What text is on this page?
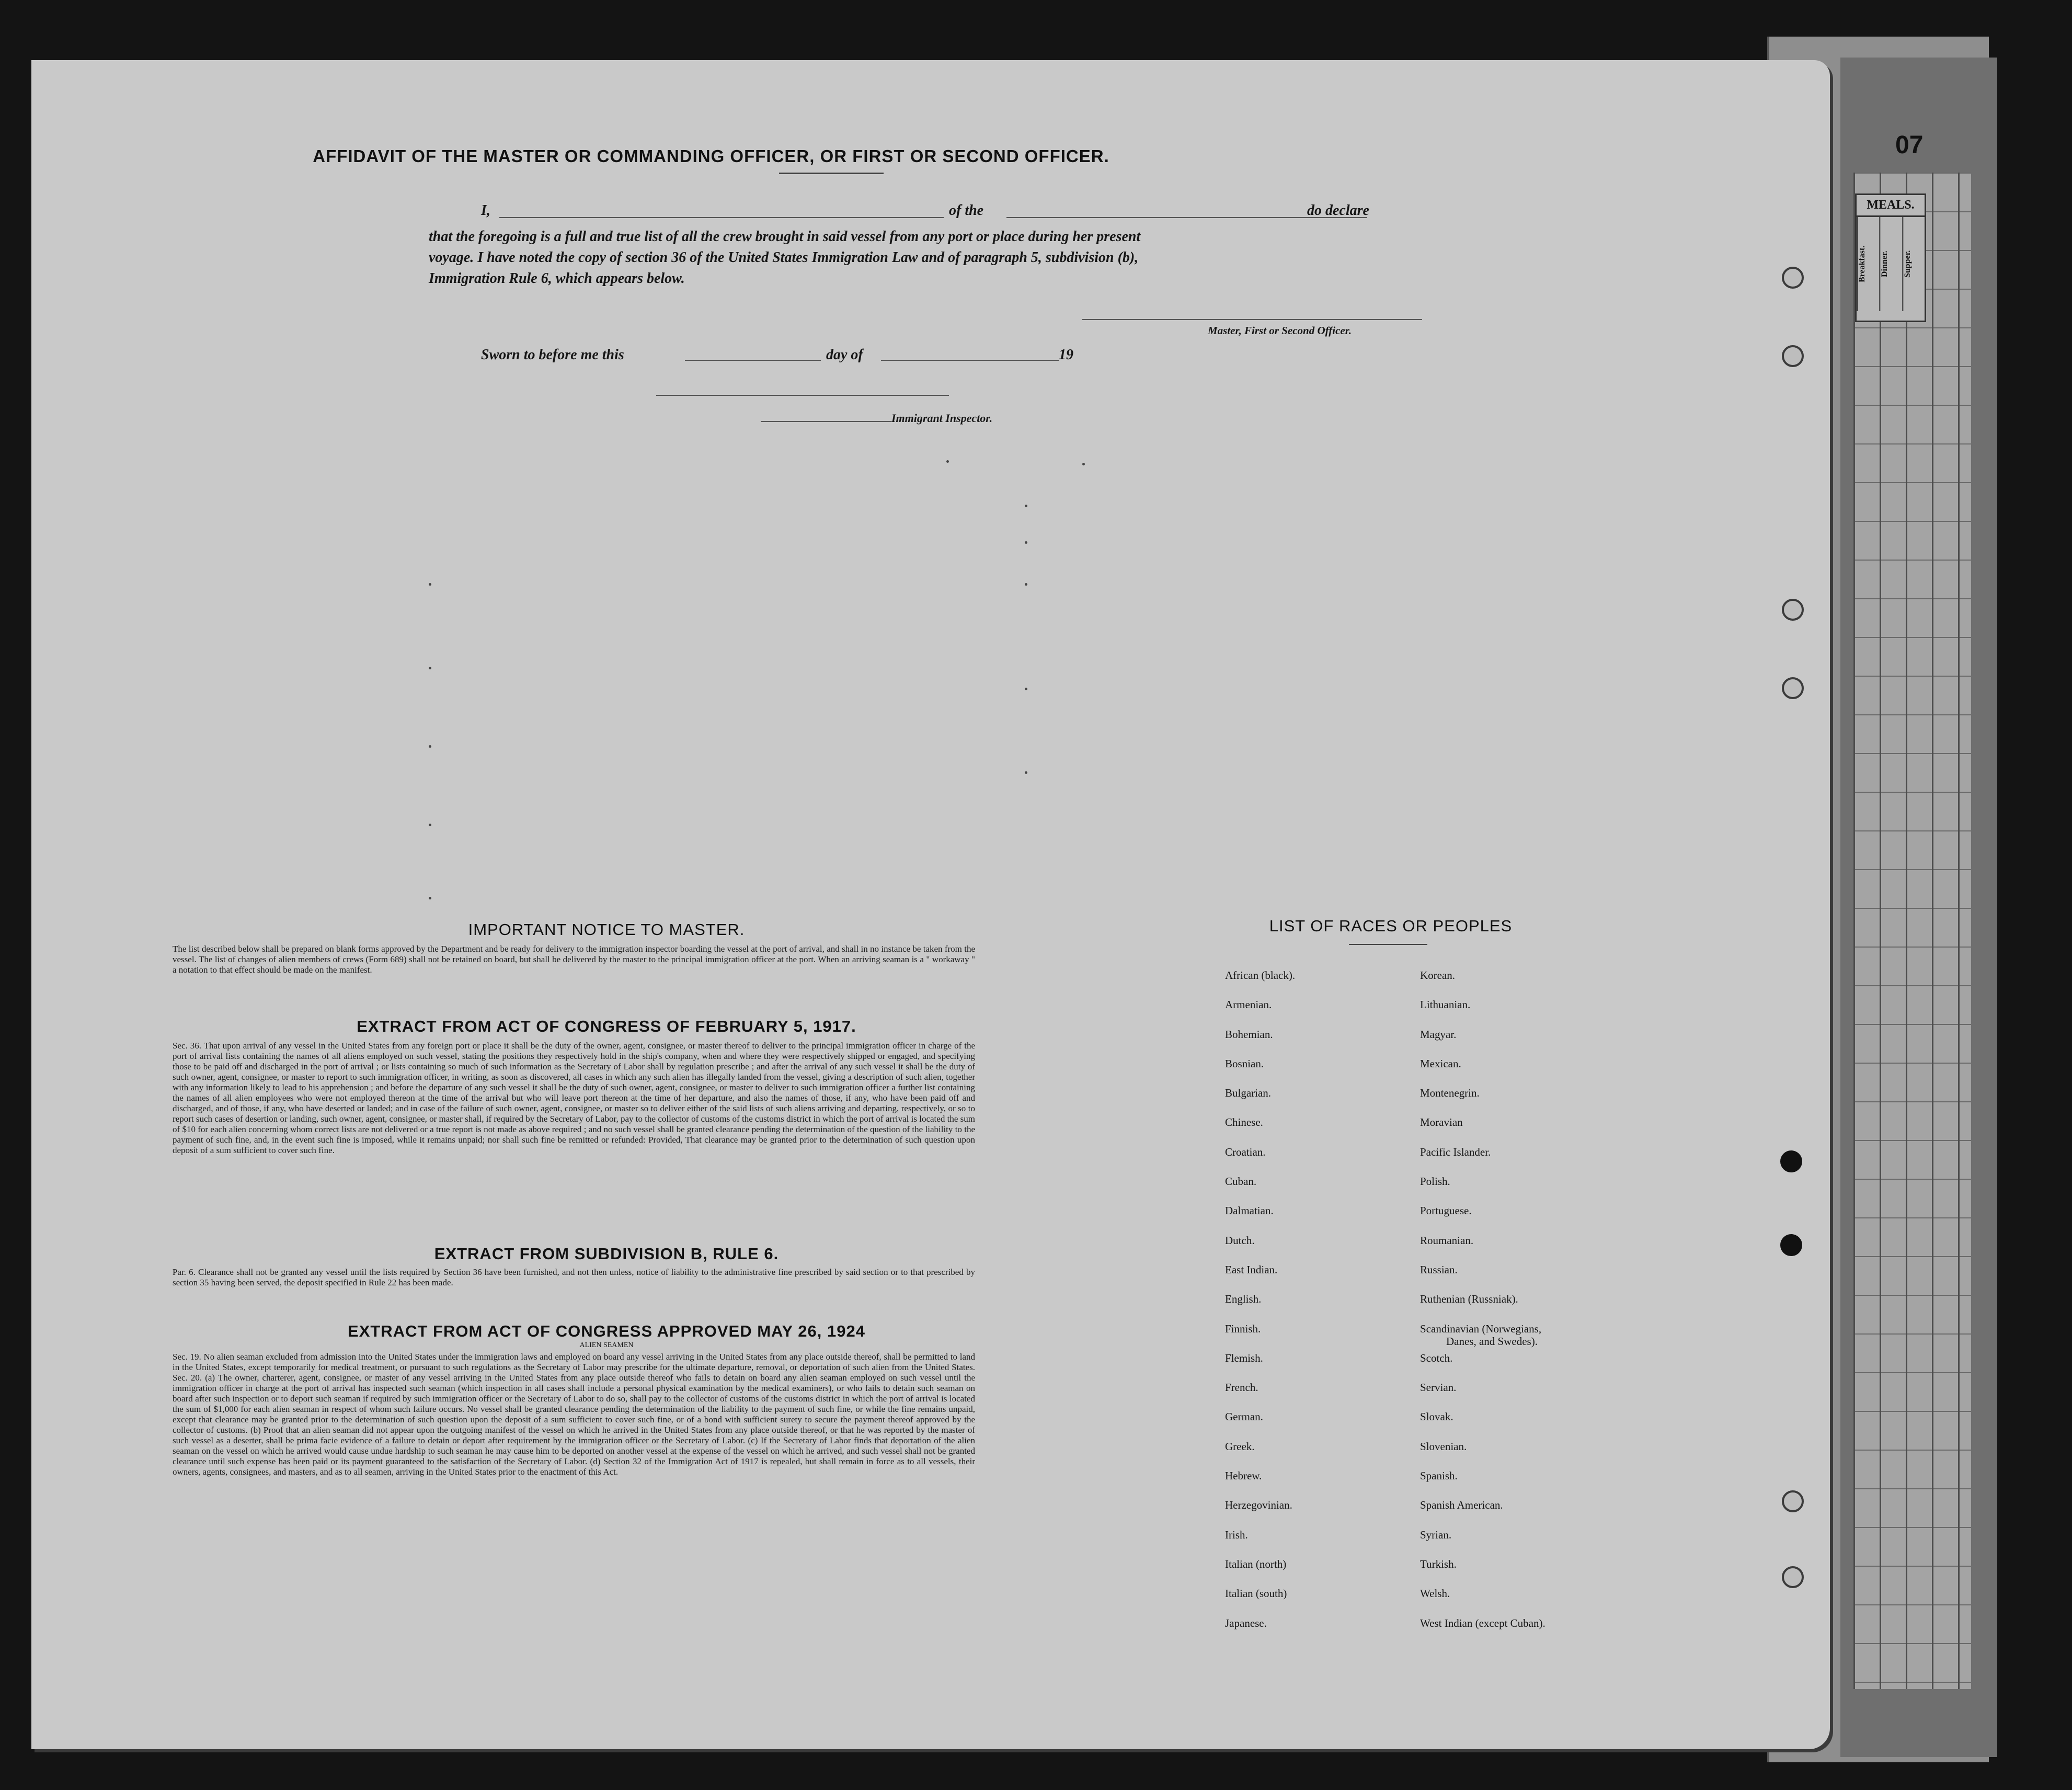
07
MEALS.
Breakfast.	Dinner.	Supper.
AFFIDAVIT OF THE MASTER OR COMMANDING OFFICER, OR FIRST OR SECOND OFFICER.
I,	of the	do declare
that the foregoing is a full and true list of all the crew brought in said vessel from any port or place during her present
voyage. I have noted the copy of section 36 of the United States Immigration Law and of paragraph 5, subdivision (b),
Immigration Rule 6, which appears below.
Master, First or Second Officer.
Sworn to before me this	day of	19
Immigrant Inspector.
IMPORTANT NOTICE TO MASTER.
The list described below shall be prepared on blank forms approved by the Department and be ready for delivery to the immigration inspector boarding the vessel at the port of arrival, and shall in no instance be taken from the vessel. The list of changes of alien members of crews (Form 689) shall not be retained on board, but shall be delivered by the master to the principal immigration officer at the port. When an arriving seaman is a " workaway " a notation to that effect should be made on the manifest.
EXTRACT FROM ACT OF CONGRESS OF FEBRUARY 5, 1917.
Sec. 36. That upon arrival of any vessel in the United States from any foreign port or place it shall be the duty of the owner, agent, consignee, or master thereof to deliver to the principal immigration officer in charge of the port of arrival lists containing the names of all aliens employed on such vessel, stating the positions they respectively hold in the ship's company, when and where they were respectively shipped or engaged, and specifying those to be paid off and discharged in the port of arrival ; or lists containing so much of such information as the Secretary of Labor shall by regulation prescribe ; and after the arrival of any such vessel it shall be the duty of such owner, agent, consignee, or master to report to such immigration officer, in writing, as soon as discovered, all cases in which any such alien has illegally landed from the vessel, giving a description of such alien, together with any information likely to lead to his apprehension ; and before the departure of any such vessel it shall be the duty of such owner, agent, consignee, or master to deliver to such immigration officer a further list containing the names of all alien employees who were not employed thereon at the time of the arrival but who will leave port thereon at the time of her departure, and also the names of those, if any, who have been paid off and discharged, and of those, if any, who have deserted or landed; and in case of the failure of such owner, agent, consignee, or master so to deliver either of the said lists of such aliens arriving and departing, respectively, or so to report such cases of desertion or landing, such owner, agent, consignee, or master shall, if required by the Secretary of Labor, pay to the collector of customs of the customs district in which the port of arrival is located the sum of $10 for each alien concerning whom correct lists are not delivered or a true report is not made as above required ; and no such vessel shall be granted clearance pending the determination of the question of the liability to the payment of such fine, and, in the event such fine is imposed, while it remains unpaid; nor shall such fine be remitted or refunded: Provided, That clearance may be granted prior to the determination of such question upon deposit of a sum sufficient to cover such fine.
EXTRACT FROM SUBDIVISION B, RULE 6.
Par. 6. Clearance shall not be granted any vessel until the lists required by Section 36 have been furnished, and not then unless, notice of liability to the administrative fine prescribed by said section or to that prescribed by section 35 having been served, the deposit specified in Rule 22 has been made.
EXTRACT FROM ACT OF CONGRESS APPROVED MAY 26, 1924
ALIEN SEAMEN
Sec. 19. No alien seaman excluded from admission into the United States under the immigration laws and employed on board any vessel arriving in the United States from any place outside thereof, shall be permitted to land in the United States, except temporarily for medical treatment, or pursuant to such regulations as the Secretary of Labor may prescribe for the ultimate departure, removal, or deportation of such alien from the United States. Sec. 20. (a) The owner, charterer, agent, consignee, or master of any vessel arriving in the United States from any place outside thereof who fails to detain on board any alien seaman employed on such vessel until the immigration officer in charge at the port of arrival has inspected such seaman (which inspection in all cases shall include a personal physical examination by the medical examiners), or who fails to detain such seaman on board after such inspection or to deport such seaman if required by such immigration officer or the Secretary of Labor to do so, shall pay to the collector of customs of the customs district in which the port of arrival is located the sum of $1,000 for each alien seaman in respect of whom such failure occurs. No vessel shall be granted clearance pending the determination of the liability to the payment of such fine, or while the fine remains unpaid, except that clearance may be granted prior to the determination of such question upon the deposit of a sum sufficient to cover such fine, or of a bond with sufficient surety to secure the payment thereof approved by the collector of customs. (b) Proof that an alien seaman did not appear upon the outgoing manifest of the vessel on which he arrived in the United States from any place outside thereof, or that he was reported by the master of such vessel as a deserter, shall be prima facie evidence of a failure to detain or deport after requirement by the immigration officer or the Secretary of Labor. (c) If the Secretary of Labor finds that deportation of the alien seaman on the vessel on which he arrived would cause undue hardship to such seaman he may cause him to be deported on another vessel at the expense of the vessel on which he arrived, and such vessel shall not be granted clearance until such expense has been paid or its payment guaranteed to the satisfaction of the Secretary of Labor. (d) Section 32 of the Immigration Act of 1917 is repealed, but shall remain in force as to all vessels, their owners, agents, consignees, and masters, and as to all seamen, arriving in the United States prior to the enactment of this Act.
LIST OF RACES OR PEOPLES
African (black).
Armenian.
Bohemian.
Bosnian.
Bulgarian.
Chinese.
Croatian.
Cuban.
Dalmatian.
Dutch.
East Indian.
English.
Finnish.
Flemish.
French.
German.
Greek.
Hebrew.
Herzegovinian.
Irish.
Italian (north)
Italian (south)
Japanese.
Korean.
Lithuanian.
Magyar.
Mexican.
Montenegrin.
Moravian
Pacific Islander.
Polish.
Portuguese.
Roumanian.
Russian.
Ruthenian (Russniak).
Scandinavian (Norwegians,
Danes, and Swedes).
Scotch.
Servian.
Slovak.
Slovenian.
Spanish.
Spanish American.
Syrian.
Turkish.
Welsh.
West Indian (except Cuban).
